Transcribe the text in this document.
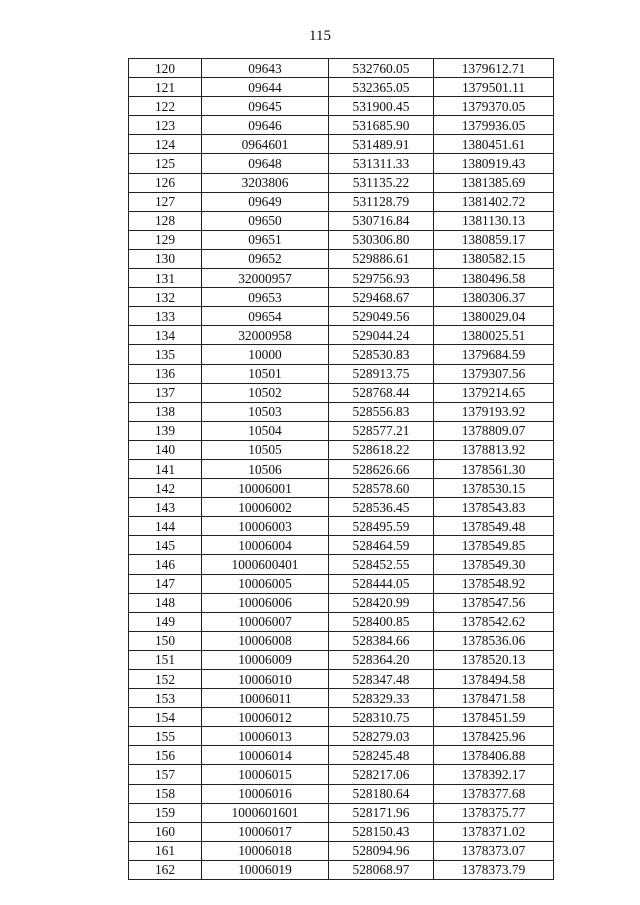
115
120	09643	532760.05	1379612.71
121	09644	532365.05	1379501.11
122	09645	531900.45	1379370.05
123	09646	531685.90	1379936.05
124	0964601	531489.91	1380451.61
125	09648	531311.33	1380919.43
126	3203806	531135.22	1381385.69
127	09649	531128.79	1381402.72
128	09650	530716.84	1381130.13
129	09651	530306.80	1380859.17
130	09652	529886.61	1380582.15
131	32000957	529756.93	1380496.58
132	09653	529468.67	1380306.37
133	09654	529049.56	1380029.04
134	32000958	529044.24	1380025.51
135	10000	528530.83	1379684.59
136	10501	528913.75	1379307.56
137	10502	528768.44	1379214.65
138	10503	528556.83	1379193.92
139	10504	528577.21	1378809.07
140	10505	528618.22	1378813.92
141	10506	528626.66	1378561.30
142	10006001	528578.60	1378530.15
143	10006002	528536.45	1378543.83
144	10006003	528495.59	1378549.48
145	10006004	528464.59	1378549.85
146	1000600401	528452.55	1378549.30
147	10006005	528444.05	1378548.92
148	10006006	528420.99	1378547.56
149	10006007	528400.85	1378542.62
150	10006008	528384.66	1378536.06
151	10006009	528364.20	1378520.13
152	10006010	528347.48	1378494.58
153	10006011	528329.33	1378471.58
154	10006012	528310.75	1378451.59
155	10006013	528279.03	1378425.96
156	10006014	528245.48	1378406.88
157	10006015	528217.06	1378392.17
158	10006016	528180.64	1378377.68
159	1000601601	528171.96	1378375.77
160	10006017	528150.43	1378371.02
161	10006018	528094.96	1378373.07
162	10006019	528068.97	1378373.79
